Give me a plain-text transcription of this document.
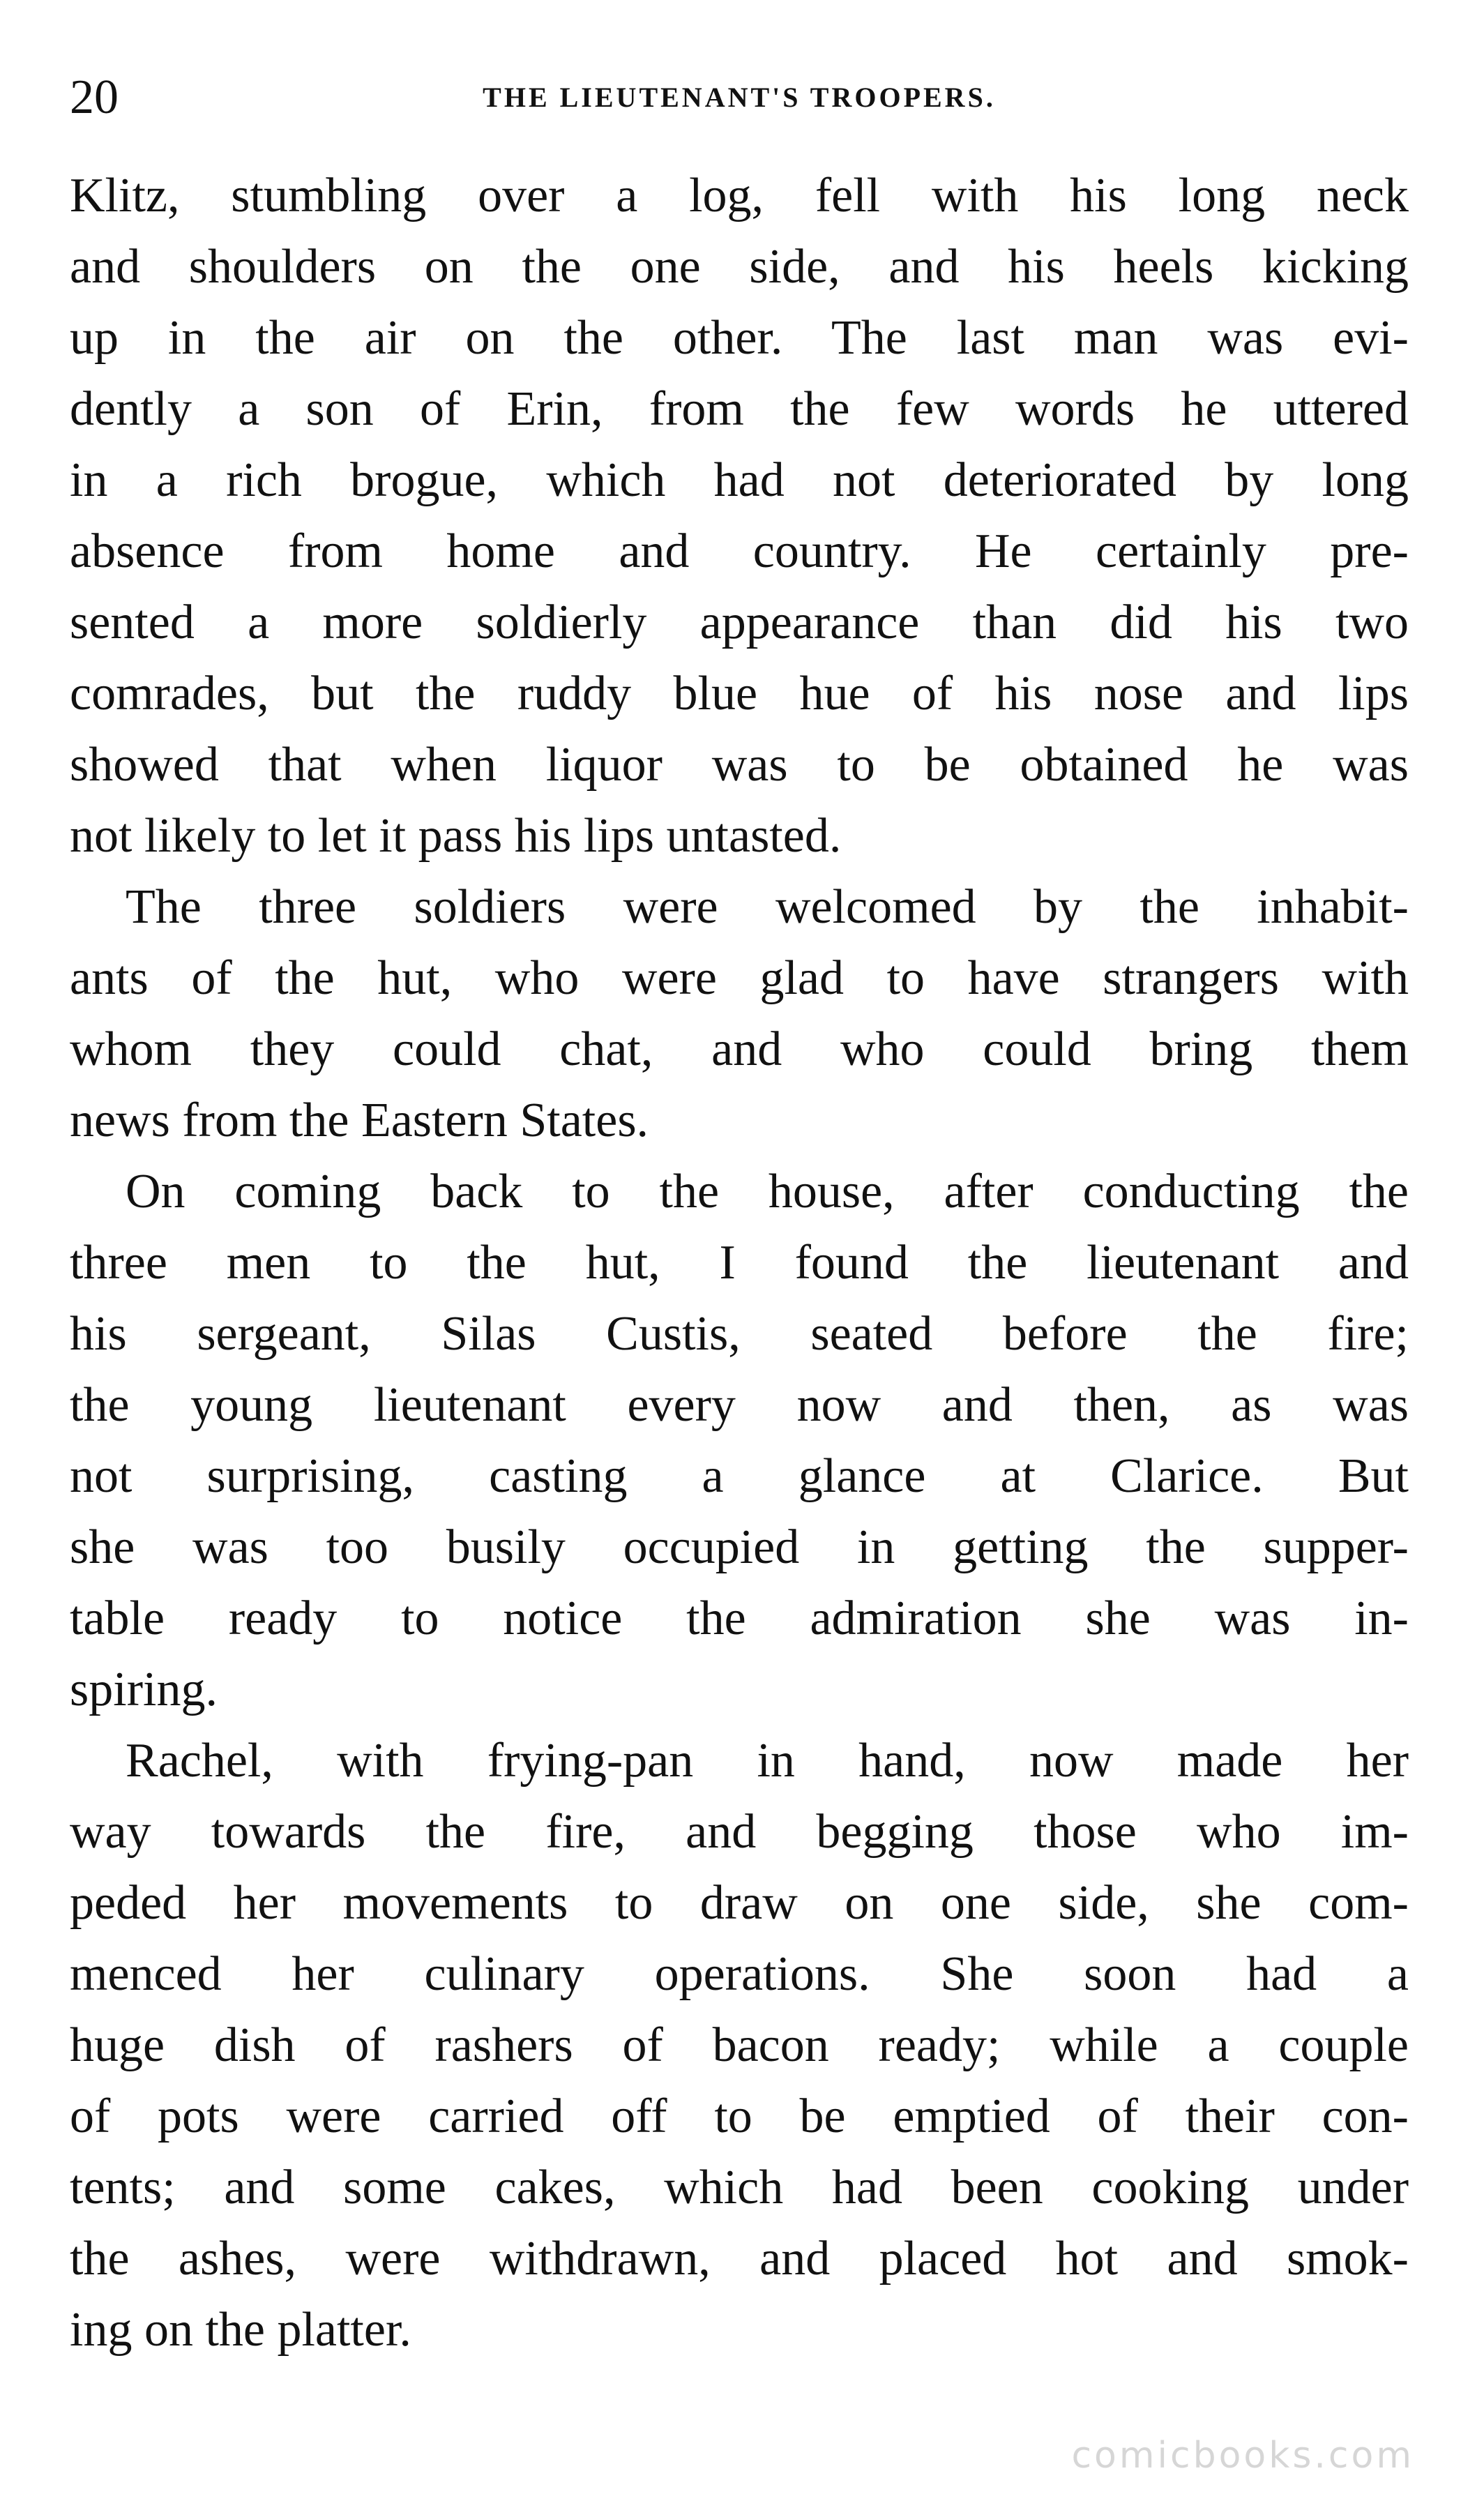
20	THE LIEUTENANT'S TROOPERS.
Klitz, stumbling over a log, fell with his long neck
and shoulders on the one side, and his heels kicking
up in the air on the other. The last man was evi-
dently a son of Erin, from the few words he uttered
in a rich brogue, which had not deteriorated by long
absence from home and country. He certainly pre-
sented a more soldierly appearance than did his two
comrades, but the ruddy blue hue of his nose and lips
showed that when liquor was to be obtained he was
not likely to let it pass his lips untasted.
The three soldiers were welcomed by the inhabit-
ants of the hut, who were glad to have strangers with
whom they could chat, and who could bring them
news from the Eastern States.
On coming back to the house, after conducting the
three men to the hut, I found the lieutenant and
his sergeant, Silas Custis, seated before the fire;
the young lieutenant every now and then, as was
not surprising, casting a glance at Clarice. But
she was too busily occupied in getting the supper-
table ready to notice the admiration she was in-
spiring.
Rachel, with frying-pan in hand, now made her
way towards the fire, and begging those who im-
peded her movements to draw on one side, she com-
menced her culinary operations. She soon had a
huge dish of rashers of bacon ready; while a couple
of pots were carried off to be emptied of their con-
tents; and some cakes, which had been cooking under
the ashes, were withdrawn, and placed hot and smok-
ing on the platter.
comicbooks.com
